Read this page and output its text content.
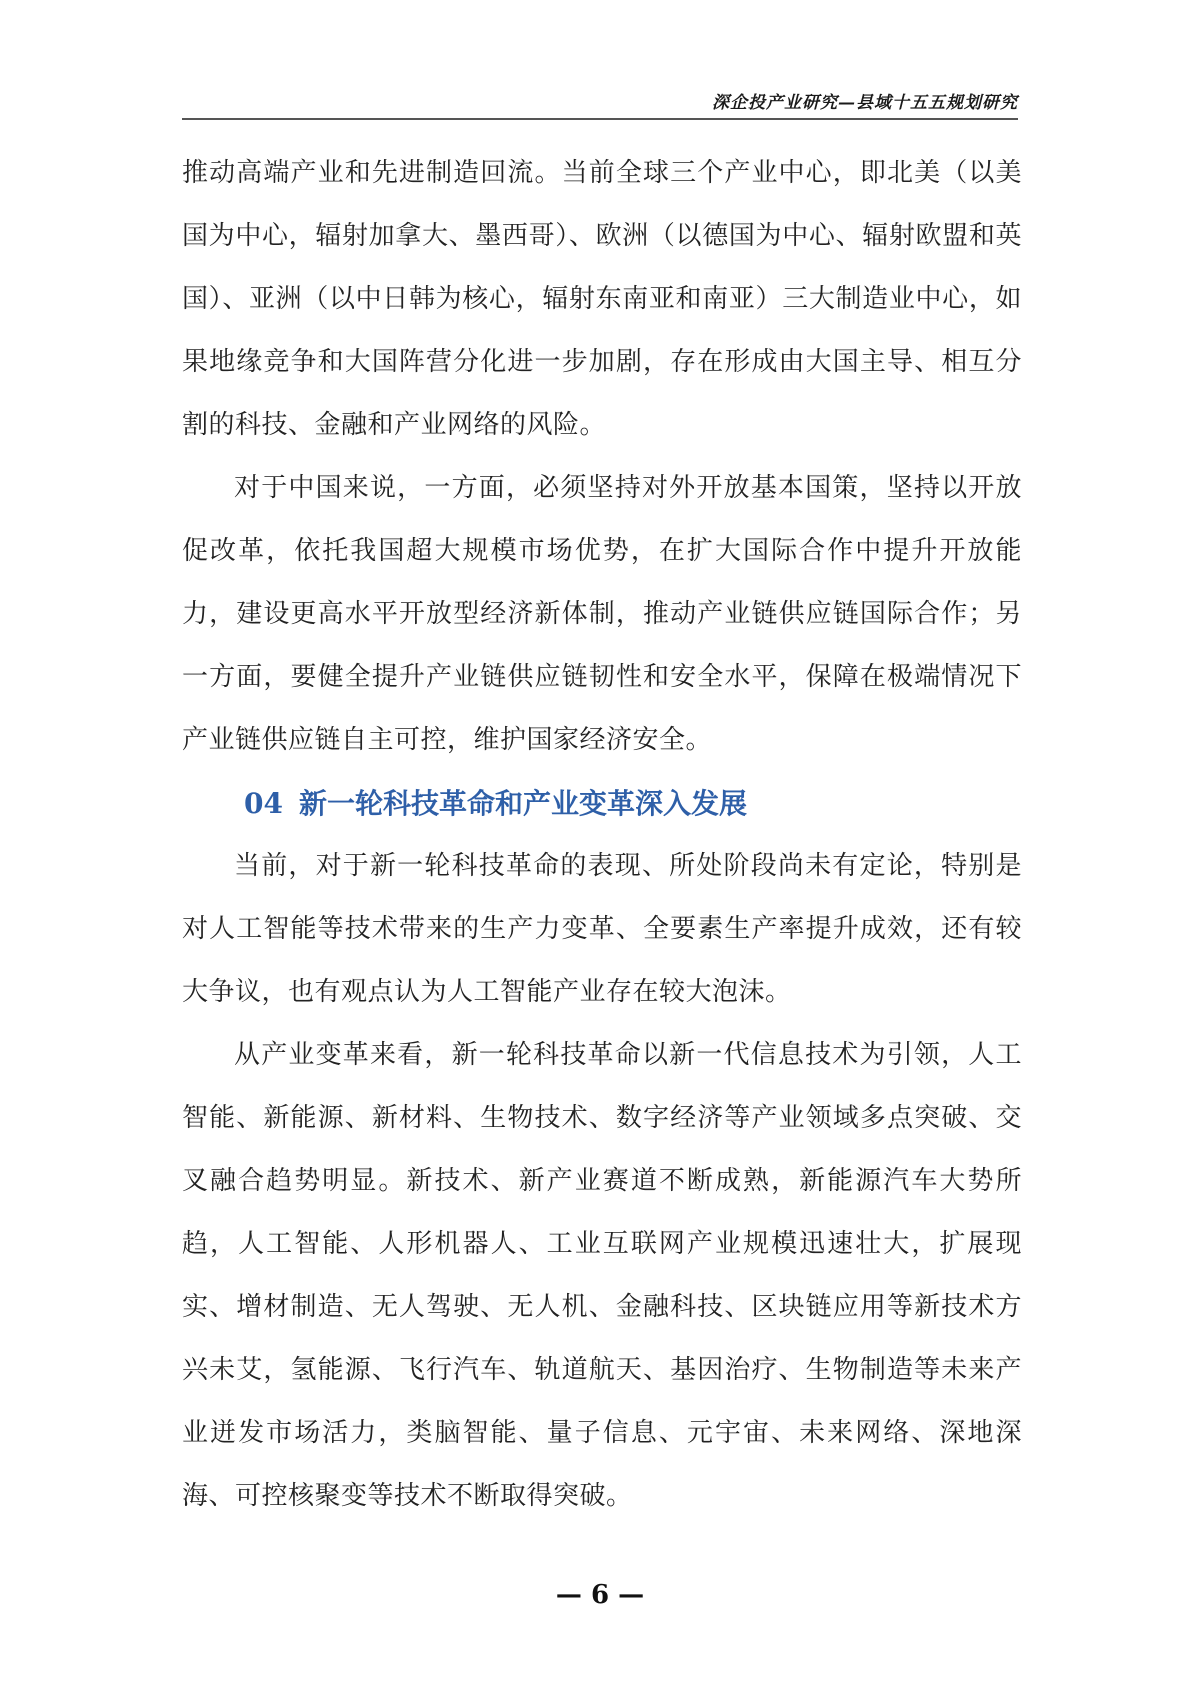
深企投产业研究—县域十五五规划研究

推动高端产业和先进制造回流。当前全球三个产业中心，即北美（以美国为中心，辐射加拿大、墨西哥）、欧洲（以德国为中心、辐射欧盟和英国）、亚洲（以中日韩为核心，辐射东南亚和南亚）三大制造业中心，如果地缘竞争和大国阵营分化进一步加剧，存在形成由大国主导、相互分割的科技、金融和产业网络的风险。

对于中国来说，一方面，必须坚持对外开放基本国策，坚持以开放促改革，依托我国超大规模市场优势，在扩大国际合作中提升开放能力，建设更高水平开放型经济新体制，推动产业链供应链国际合作；另一方面，要健全提升产业链供应链韧性和安全水平，保障在极端情况下产业链供应链自主可控，维护国家经济安全。

04 新一轮科技革命和产业变革深入发展

当前，对于新一轮科技革命的表现、所处阶段尚未有定论，特别是对人工智能等技术带来的生产力变革、全要素生产率提升成效，还有较大争议，也有观点认为人工智能产业存在较大泡沫。

从产业变革来看，新一轮科技革命以新一代信息技术为引领，人工智能、新能源、新材料、生物技术、数字经济等产业领域多点突破、交叉融合趋势明显。新技术、新产业赛道不断成熟，新能源汽车大势所趋，人工智能、人形机器人、工业互联网产业规模迅速壮大，扩展现实、增材制造、无人驾驶、无人机、金融科技、区块链应用等新技术方兴未艾，氢能源、飞行汽车、轨道航天、基因治疗、生物制造等未来产业迸发市场活力，类脑智能、量子信息、元宇宙、未来网络、深地深海、可控核聚变等技术不断取得突破。

— 6 —
